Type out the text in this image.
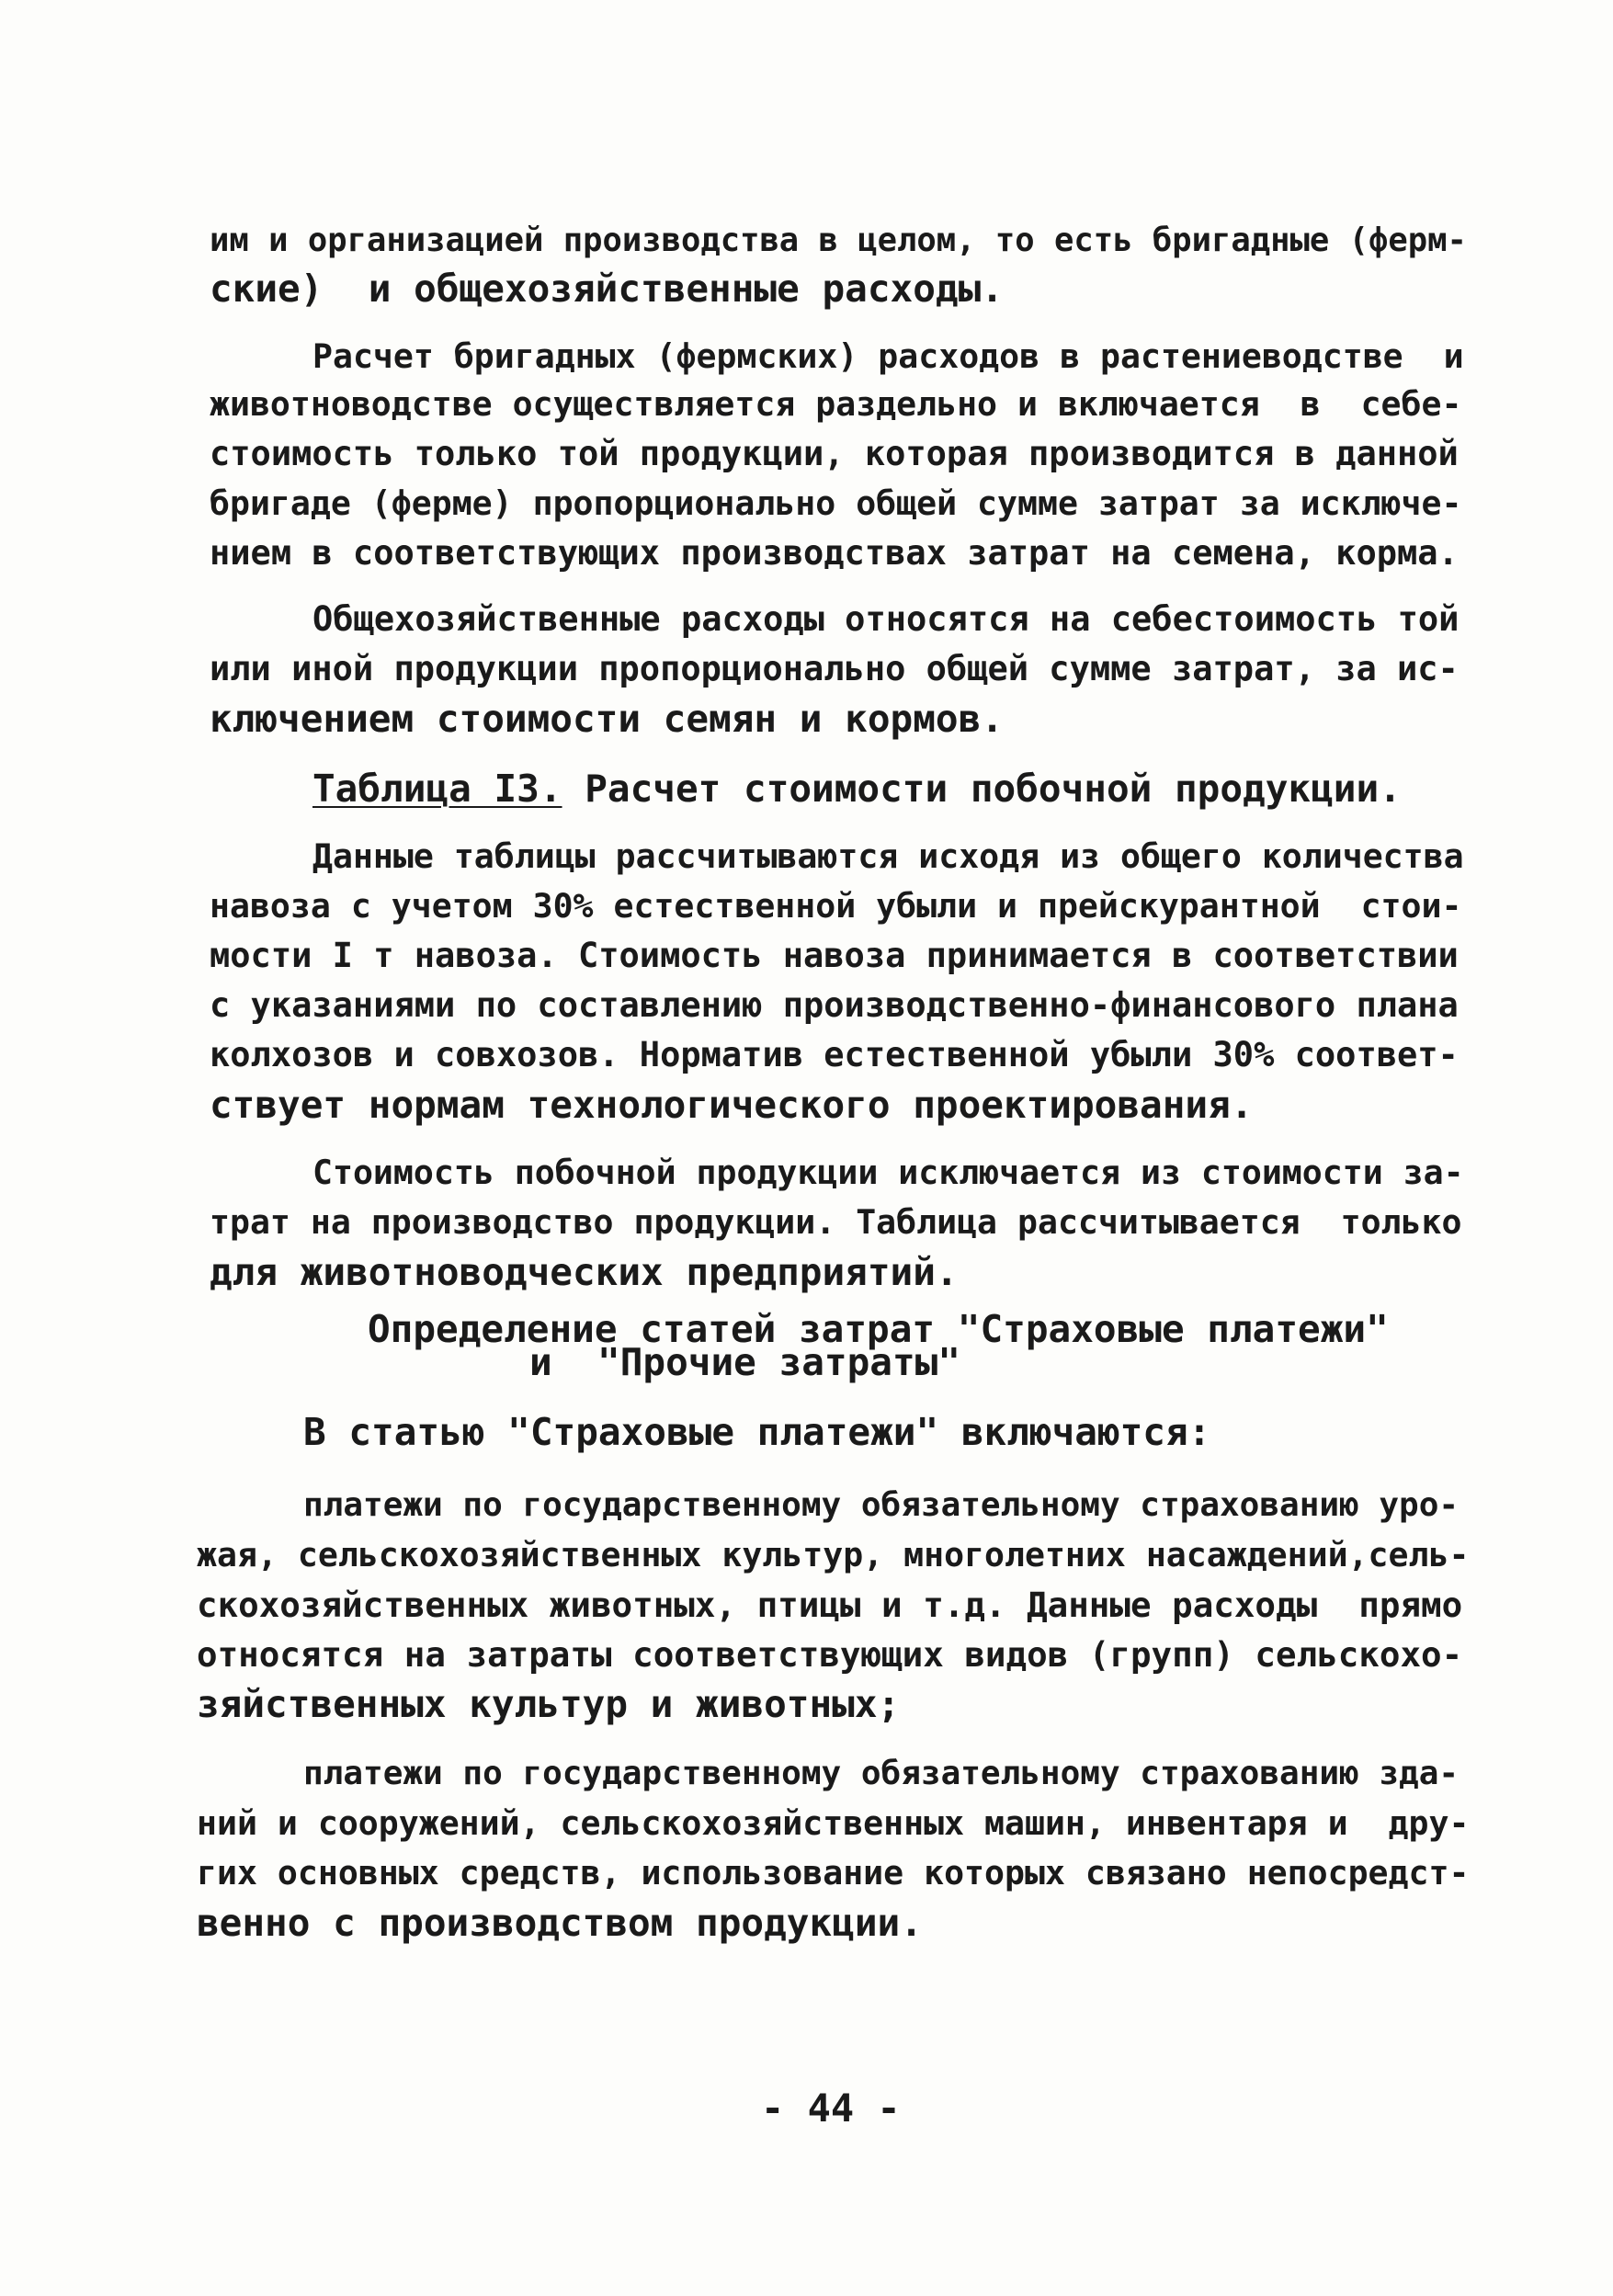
им и организацией производства в целом, то есть бригадные (ферм-

ские)  и общехозяйственные расходы.

Расчет бригадных (фермских) расходов в растениеводстве  и

животноводстве осуществляется раздельно и включается  в  себе-

стоимость только той продукции, которая производится в данной

бригаде (ферме) пропорционально общей сумме затрат за исключе-

нием в соответствующих производствах затрат на семена, корма.

Общехозяйственные расходы относятся на себестоимость той

или иной продукции пропорционально общей сумме затрат, за ис-

ключением стоимости семян и кормов.

Таблица I3. Расчет стоимости побочной продукции.

Данные таблицы рассчитываются исходя из общего количества

навоза с учетом 30% естественной убыли и прейскурантной  стои-

мости I т навоза. Стоимость навоза принимается в соответствии

с указаниями по составлению производственно-финансового плана

колхозов и совхозов. Норматив естественной убыли 30% соответ-

ствует нормам технологического проектирования.

Стоимость побочной продукции исключается из стоимости за-

трат на производство продукции. Таблица рассчитывается  только

для животноводческих предприятий.

Определение статей затрат "Страховые платежи"

и  "Прочие затраты"

В статью "Страховые платежи" включаются:

платежи по государственному обязательному страхованию уро-

жая, сельскохозяйственных культур, многолетних насаждений,сель-

скохозяйственных животных, птицы и т.д. Данные расходы  прямо

относятся на затраты соответствующих видов (групп) сельскохо-

зяйственных культур и животных;

платежи по государственному обязательному страхованию зда-

ний и сооружений, сельскохозяйственных машин, инвентаря и  дру-

гих основных средств, использование которых связано непосредст-

венно с производством продукции.

- 44 -
